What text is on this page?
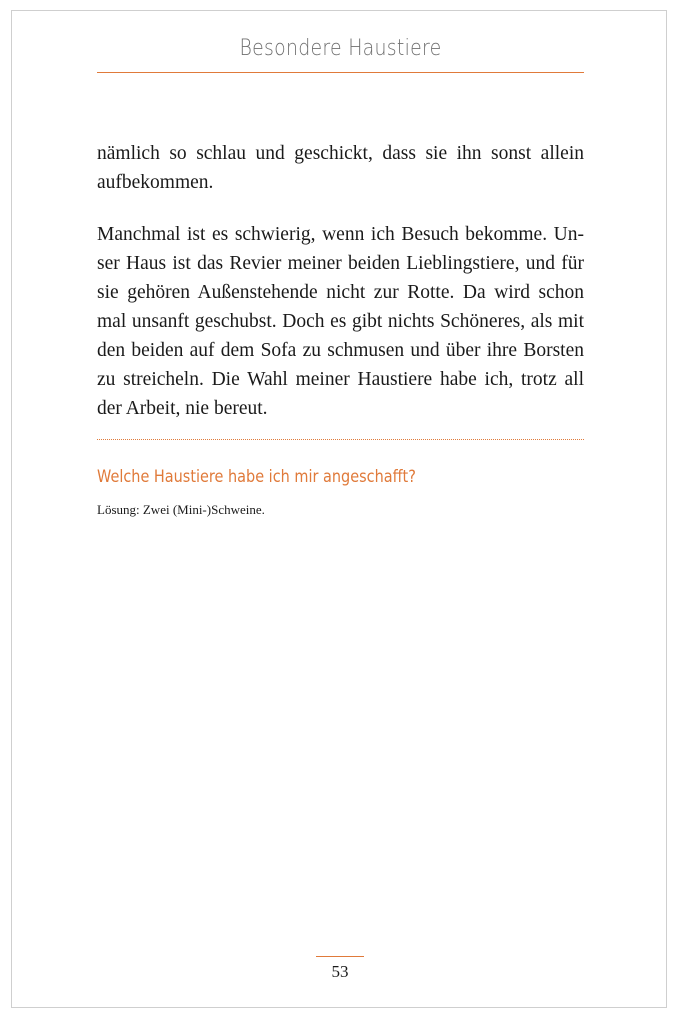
Besondere Haustiere

nämlich so schlau und geschickt, dass sie ihn sonst allein aufbekommen.

Manchmal ist es schwierig, wenn ich Besuch bekomme. Unser Haus ist das Revier meiner beiden Lieblingstiere, und für sie gehören Außenstehende nicht zur Rotte. Da wird schon mal unsanft geschubst. Doch es gibt nichts Schöneres, als mit den beiden auf dem Sofa zu schmusen und über ihre Borsten zu streicheln. Die Wahl meiner Haustiere habe ich, trotz all der Arbeit, nie bereut.

Welche Haustiere habe ich mir angeschafft?
Lösung: Zwei (Mini-)Schweine.
53
